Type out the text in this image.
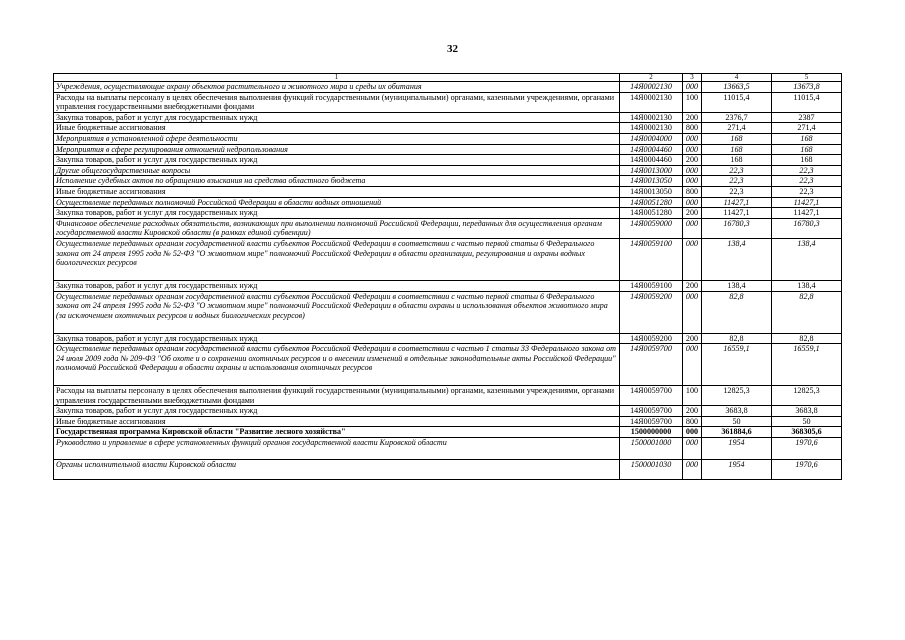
32
1	2	3	4	5
Учреждения, осуществляющие охрану объектов растительного и животного мира и среды их обитания	14Я0002130	000	13663,5	13673,8
Расходы на выплаты персоналу в целях обеспечения выполнения функций государственными (муниципальными) органами, казенными учреждениями, органами управления государственными внебюджетными фондами	14Я0002130	100	11015,4	11015,4
Закупка товаров, работ и услуг для государственных нужд	14Я0002130	200	2376,7	2387
Иные бюджетные ассигнования	14Я0002130	800	271,4	271,4
Мероприятия в установленной сфере деятельности	14Я0004000	000	168	168
Мероприятия в сфере регулирования отношений недропользования	14Я0004460	000	168	168
Закупка товаров, работ и услуг для государственных нужд	14Я0004460	200	168	168
Другие общегосударственные вопросы	14Я0013000	000	22,3	22,3
Исполнение судебных актов по обращению взыскания на средства областного бюджета	14Я0013050	000	22,3	22,3
Иные бюджетные ассигнования	14Я0013050	800	22,3	22,3
Осуществление переданных полномочий Российской Федерации в области водных отношений	14Я0051280	000	11427,1	11427,1
Закупка товаров, работ и услуг для государственных нужд	14Я0051280	200	11427,1	11427,1
Финансовое обеспечение расходных обязательств, возникающих при выполнении полномочий Российской Федерации, переданных для осуществления органам государственной власти Кировской области (в рамках единой субвенции)	14Я0059000	000	16780,3	16780,3
Осуществление переданных органам государственной власти субъектов Российской Федерации в соответствии с частью первой статьи 6 Федерального закона от 24 апреля 1995 года № 52-ФЗ "О животном мире" полномочий Российской Федерации в области организации, регулирования и охраны водных биологических ресурсов	14Я0059100	000	138,4	138,4
Закупка товаров, работ и услуг для государственных нужд	14Я0059100	200	138,4	138,4
Осуществление переданных органам государственной власти субъектов Российской Федерации в соответствии с частью первой статьи 6 Федерального закона от 24 апреля 1995 года № 52-ФЗ "О животном мире" полномочий Российской Федерации в области охраны и использования объектов животного мира (за исключением охотничьих ресурсов и водных биологических ресурсов)	14Я0059200	000	82,8	82,8
Закупка товаров, работ и услуг для государственных нужд	14Я0059200	200	82,8	82,8
Осуществление переданных органам государственной власти субъектов Российской Федерации в соответствии с частью 1 статьи 33 Федерального закона от 24 июля 2009 года № 209-ФЗ "Об охоте и о сохранении охотничьих ресурсов и о внесении изменений в отдельные законодательные акты Российской Федерации" полномочий Российской Федерации в области охраны и использования охотничьих ресурсов	14Я0059700	000	16559,1	16559,1
Расходы на выплаты персоналу в целях обеспечения выполнения функций государственными (муниципальными) органами, казенными учреждениями, органами управления государственными внебюджетными фондами	14Я0059700	100	12825,3	12825,3
Закупка товаров, работ и услуг для государственных нужд	14Я0059700	200	3683,8	3683,8
Иные бюджетные ассигнования	14Я0059700	800	50	50
Государственная программа Кировской области "Развитие лесного хозяйства"	1500000000	000	361884,6	368305,6
Руководство и управление в сфере установленных функций органов государственной власти Кировской области	1500001000	000	1954	1970,6
Органы исполнительной власти Кировской области	1500001030	000	1954	1970,6
